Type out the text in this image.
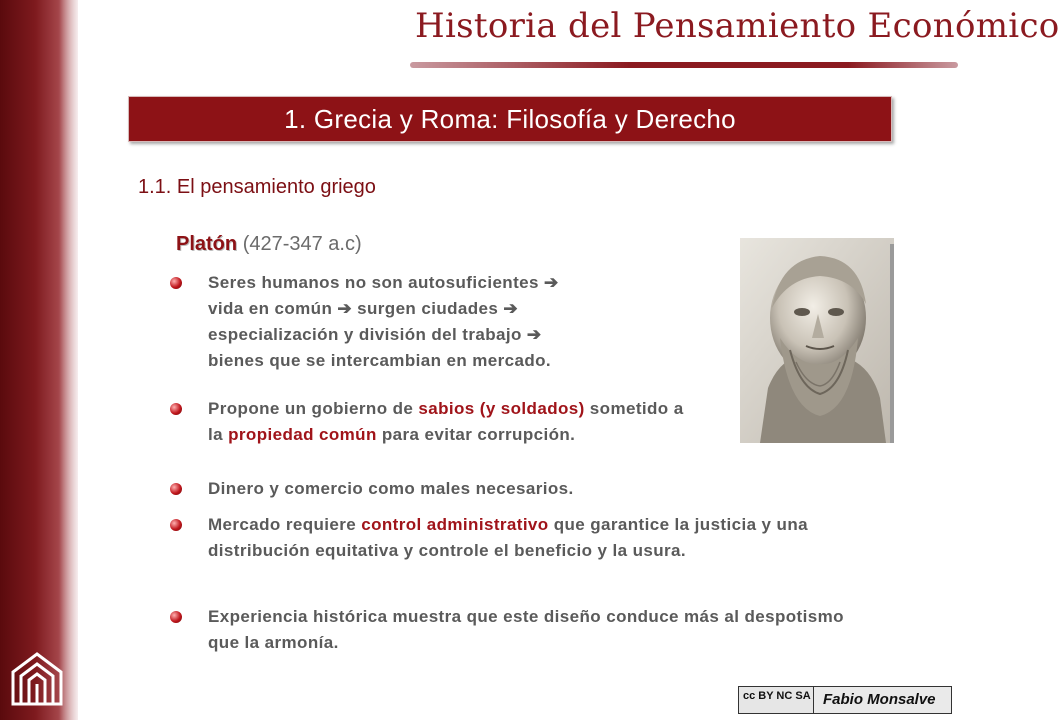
Historia del Pensamiento Económico
1. Grecia y Roma: Filosofía y Derecho
1.1. El pensamiento griego
Platón (427-347 a.c)
Seres humanos no son autosuficientes ➔
vida en común ➔ surgen ciudades ➔
especialización y división del trabajo ➔
bienes que se intercambian en mercado.
Propone un gobierno de sabios (y soldados) sometido a la propiedad común para evitar corrupción.
Dinero y comercio como males necesarios.
Mercado requiere control administrativo que garantice la justicia y una distribución equitativa y controle el beneficio y la usura.
Experiencia histórica muestra que este diseño conduce más al despotismo que la armonía.
cc BY NC SA Fabio Monsalve
